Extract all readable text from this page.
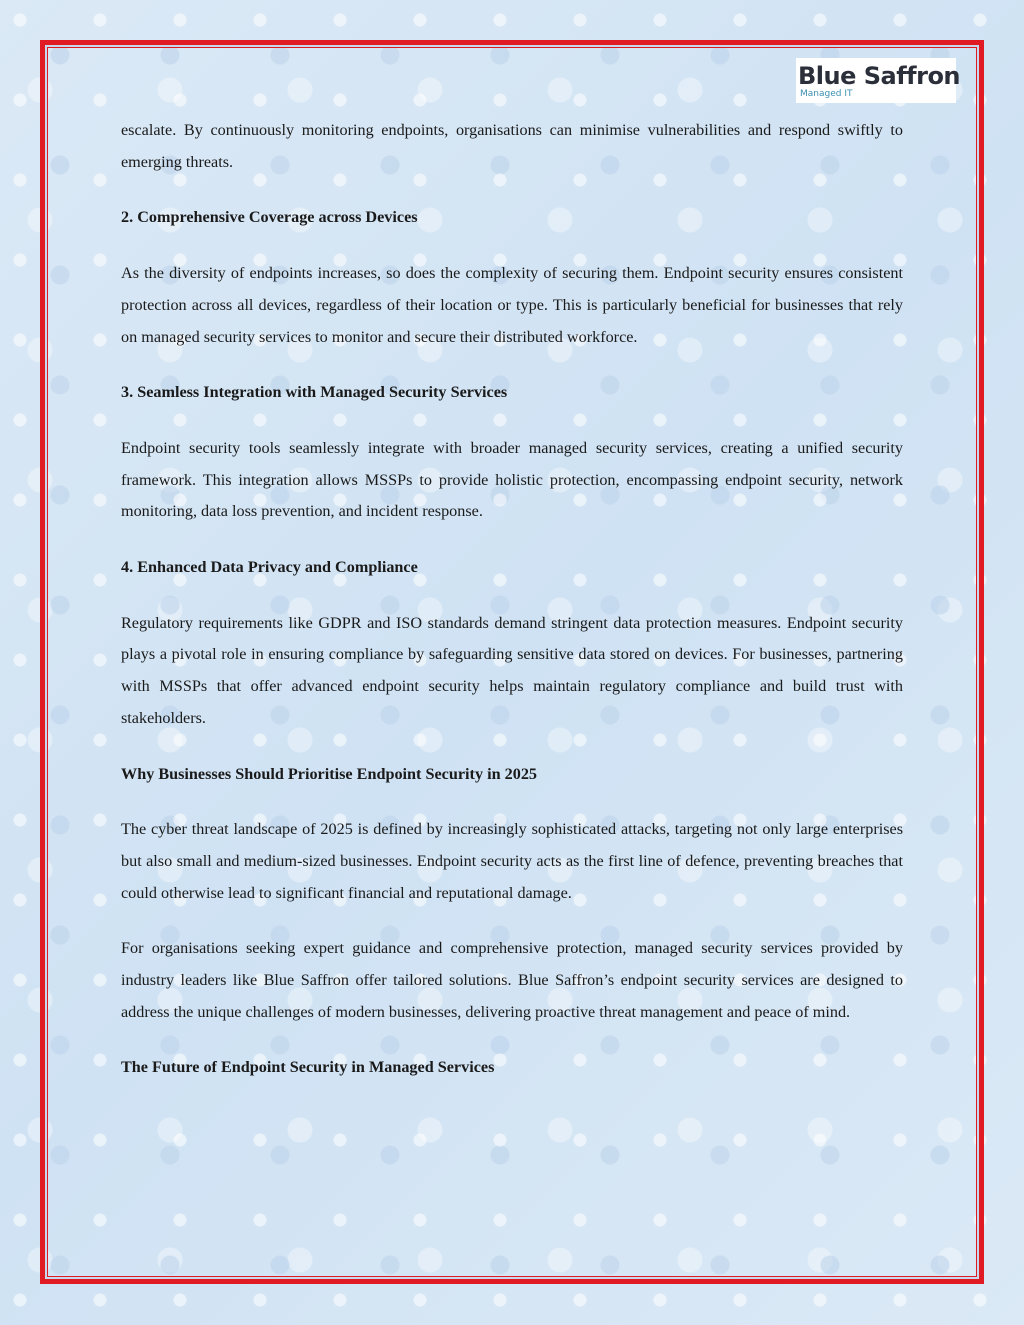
Blue Saffron
Managed IT

escalate. By continuously monitoring endpoints, organisations can minimise vulnerabilities and respond swiftly to emerging threats.

2. Comprehensive Coverage across Devices

As the diversity of endpoints increases, so does the complexity of securing them. Endpoint security ensures consistent protection across all devices, regardless of their location or type. This is particularly beneficial for businesses that rely on managed security services to monitor and secure their distributed workforce.

3. Seamless Integration with Managed Security Services

Endpoint security tools seamlessly integrate with broader managed security services, creating a unified security framework. This integration allows MSSPs to provide holistic protection, encompassing endpoint security, network monitoring, data loss prevention, and incident response.

4. Enhanced Data Privacy and Compliance

Regulatory requirements like GDPR and ISO standards demand stringent data protection measures. Endpoint security plays a pivotal role in ensuring compliance by safeguarding sensitive data stored on devices. For businesses, partnering with MSSPs that offer advanced endpoint security helps maintain regulatory compliance and build trust with stakeholders.

Why Businesses Should Prioritise Endpoint Security in 2025

The cyber threat landscape of 2025 is defined by increasingly sophisticated attacks, targeting not only large enterprises but also small and medium-sized businesses. Endpoint security acts as the first line of defence, preventing breaches that could otherwise lead to significant financial and reputational damage.

For organisations seeking expert guidance and comprehensive protection, managed security services provided by industry leaders like Blue Saffron offer tailored solutions. Blue Saffron’s endpoint security services are designed to address the unique challenges of modern businesses, delivering proactive threat management and peace of mind.

The Future of Endpoint Security in Managed Services
